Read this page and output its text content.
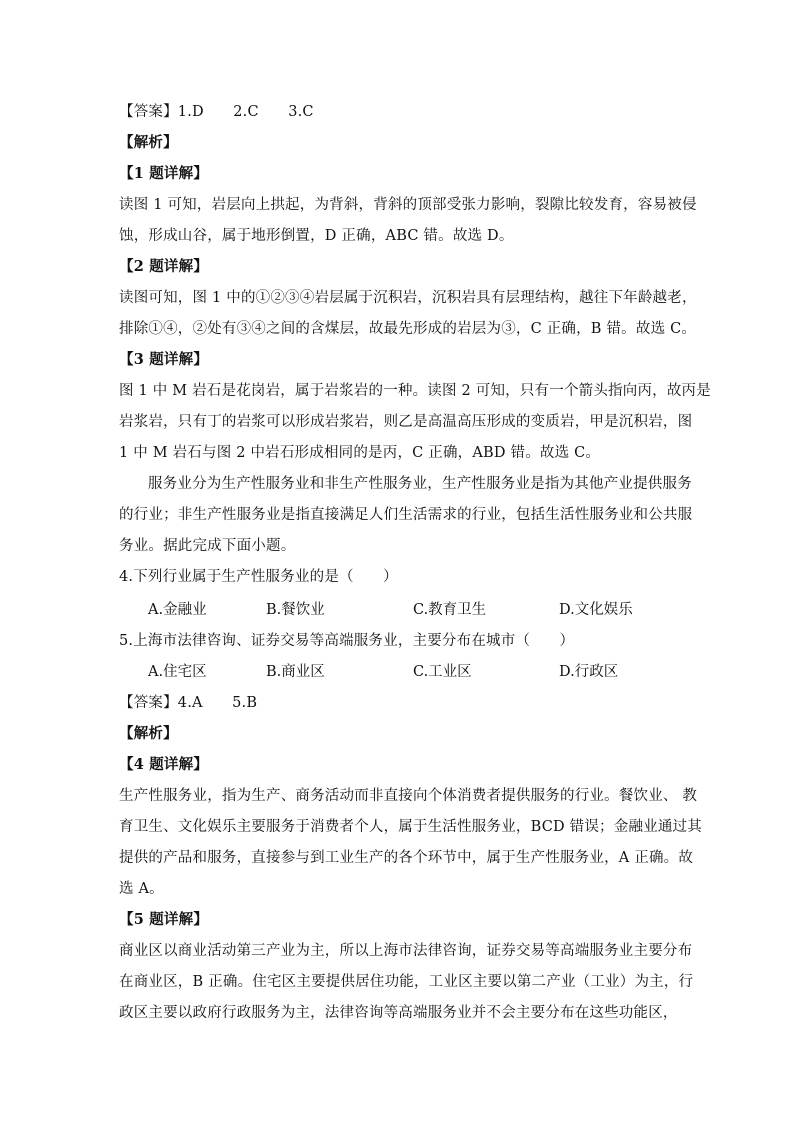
【答案】1.D　　2.C　　3.C
【解析】
【1 题详解】
读图 1 可知，岩层向上拱起，为背斜，背斜的顶部受张力影响，裂隙比较发育，容易被侵
蚀，形成山谷，属于地形倒置，D 正确，ABC 错。故选 D。
【2 题详解】
读图可知，图 1 中的①②③④岩层属于沉积岩，沉积岩具有层理结构，越往下年龄越老，
排除①④，②处有③④之间的含煤层，故最先形成的岩层为③，C 正确，B 错。故选 C。
【3 题详解】
图 1 中 M 岩石是花岗岩，属于岩浆岩的一种。读图 2 可知，只有一个箭头指向丙，故丙是
岩浆岩，只有丁的岩浆可以形成岩浆岩，则乙是高温高压形成的变质岩，甲是沉积岩，图
1 中 M 岩石与图 2 中岩石形成相同的是丙，C 正确，ABD 错。故选 C。
服务业分为生产性服务业和非生产性服务业，生产性服务业是指为其他产业提供服务
的行业；非生产性服务业是指直接满足人们生活需求的行业，包括生活性服务业和公共服
务业。据此完成下面小题。
4.下列行业属于生产性服务业的是（　　）
A.金融业	B.餐饮业	C.教育卫生	D.文化娱乐
5.上海市法律咨询、证券交易等高端服务业，主要分布在城市（　　）
A.住宅区	B.商业区	C.工业区	D.行政区
【答案】4.A　　5.B
【解析】
【4 题详解】
生产性服务业，指为生产、商务活动而非直接向个体消费者提供服务的行业。餐饮业、 教
育卫生、文化娱乐主要服务于消费者个人，属于生活性服务业，BCD 错误；金融业通过其
提供的产品和服务，直接参与到工业生产的各个环节中，属于生产性服务业，A 正确。故
选 A。
【5 题详解】
商业区以商业活动第三产业为主，所以上海市法律咨询，证券交易等高端服务业主要分布
在商业区，B 正确。住宅区主要提供居住功能，工业区主要以第二产业（工业）为主，行
政区主要以政府行政服务为主，法律咨询等高端服务业并不会主要分布在这些功能区，
